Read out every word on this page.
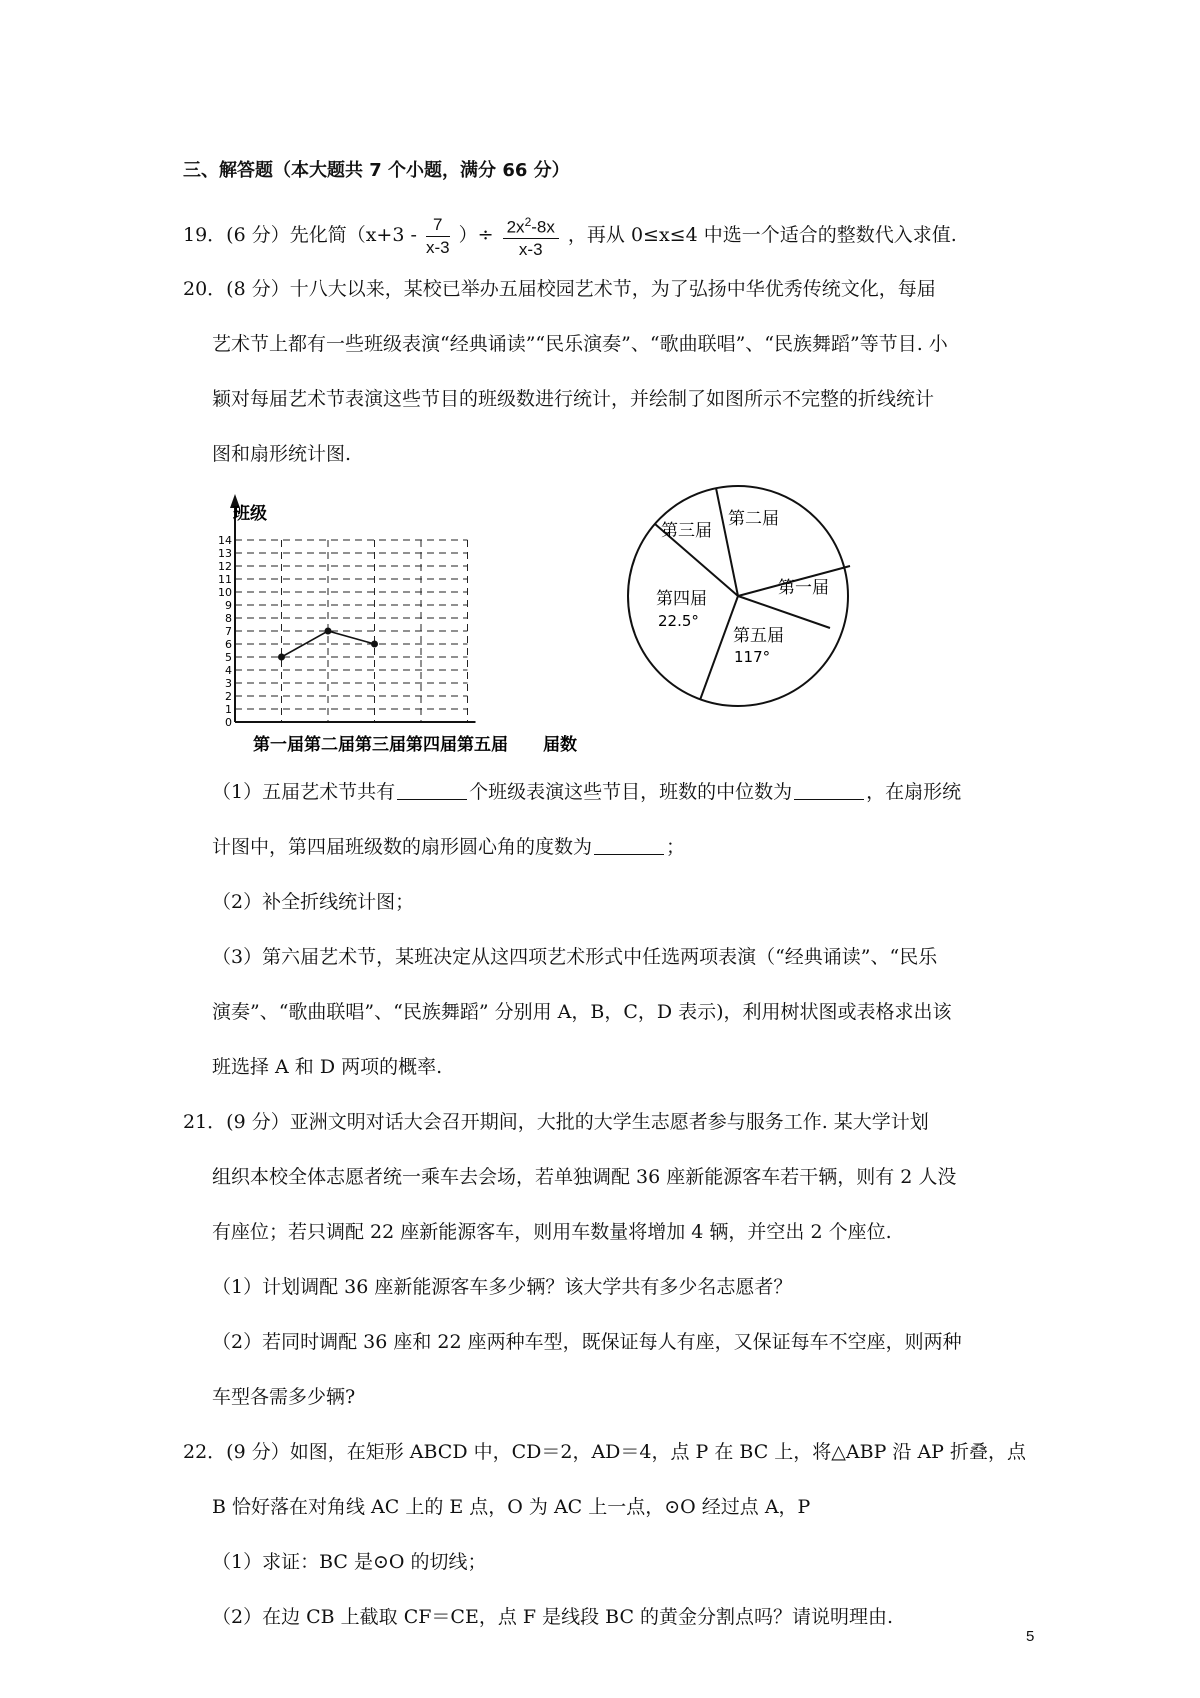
三、解答题（本大题共 7 个小题，满分 66 分）
19．(6 分）先化简（$x+3 - \frac{7}{x-3}$ ）÷ $\frac{2x^2-8x}{x-3}$ ，再从 0≤x≤4 中选一个适合的整数代入求值.
20．(8 分）十八大以来，某校已举办五届校园艺术节，为了弘扬中华优秀传统文化，每届
艺术节上都有一些班级表演“经典诵读”“民乐演奏”、“歌曲联唱”、“民族舞蹈”等节目. 小
颖对每届艺术节表演这些节目的班级数进行统计，并绘制了如图所示不完整的折线统计
图和扇形统计图.
0
1
2
3
4
5
6
7
8
9
10
11
12
13
14
班级
第一届第二届第三届第四届第五届 届数
第三届
第二届
第一届
第四届
22.5°
第五届
117°
（1）五届艺术节共有	个班级表演这些节目，班数的中位数为	，在扇形统
计图中，第四届班级数的扇形圆心角的度数为	；
（2）补全折线统计图；
（3）第六届艺术节，某班决定从这四项艺术形式中任选两项表演（“经典诵读”、“民乐
演奏”、“歌曲联唱”、“民族舞蹈” 分别用 A，B，C，D 表示)，利用树状图或表格求出该
班选择 A 和 D 两项的概率.
21．(9 分）亚洲文明对话大会召开期间，大批的大学生志愿者参与服务工作. 某大学计划
组织本校全体志愿者统一乘车去会场，若单独调配 36 座新能源客车若干辆，则有 2 人没
有座位；若只调配 22 座新能源客车，则用车数量将增加 4 辆，并空出 2 个座位.
（1）计划调配 36 座新能源客车多少辆？该大学共有多少名志愿者？
（2）若同时调配 36 座和 22 座两种车型，既保证每人有座，又保证每车不空座，则两种
车型各需多少辆?
22．(9 分）如图，在矩形 ABCD 中，CD＝2，AD＝4，点 P 在 BC 上，将△ABP 沿 AP 折叠，点
B 恰好落在对角线 AC 上的 E 点，O 为 AC 上一点，⊙O 经过点 A，P
（1）求证：BC 是⊙O 的切线；
（2）在边 CB 上截取 CF＝CE，点 F 是线段 BC 的黄金分割点吗？请说明理由.
5
